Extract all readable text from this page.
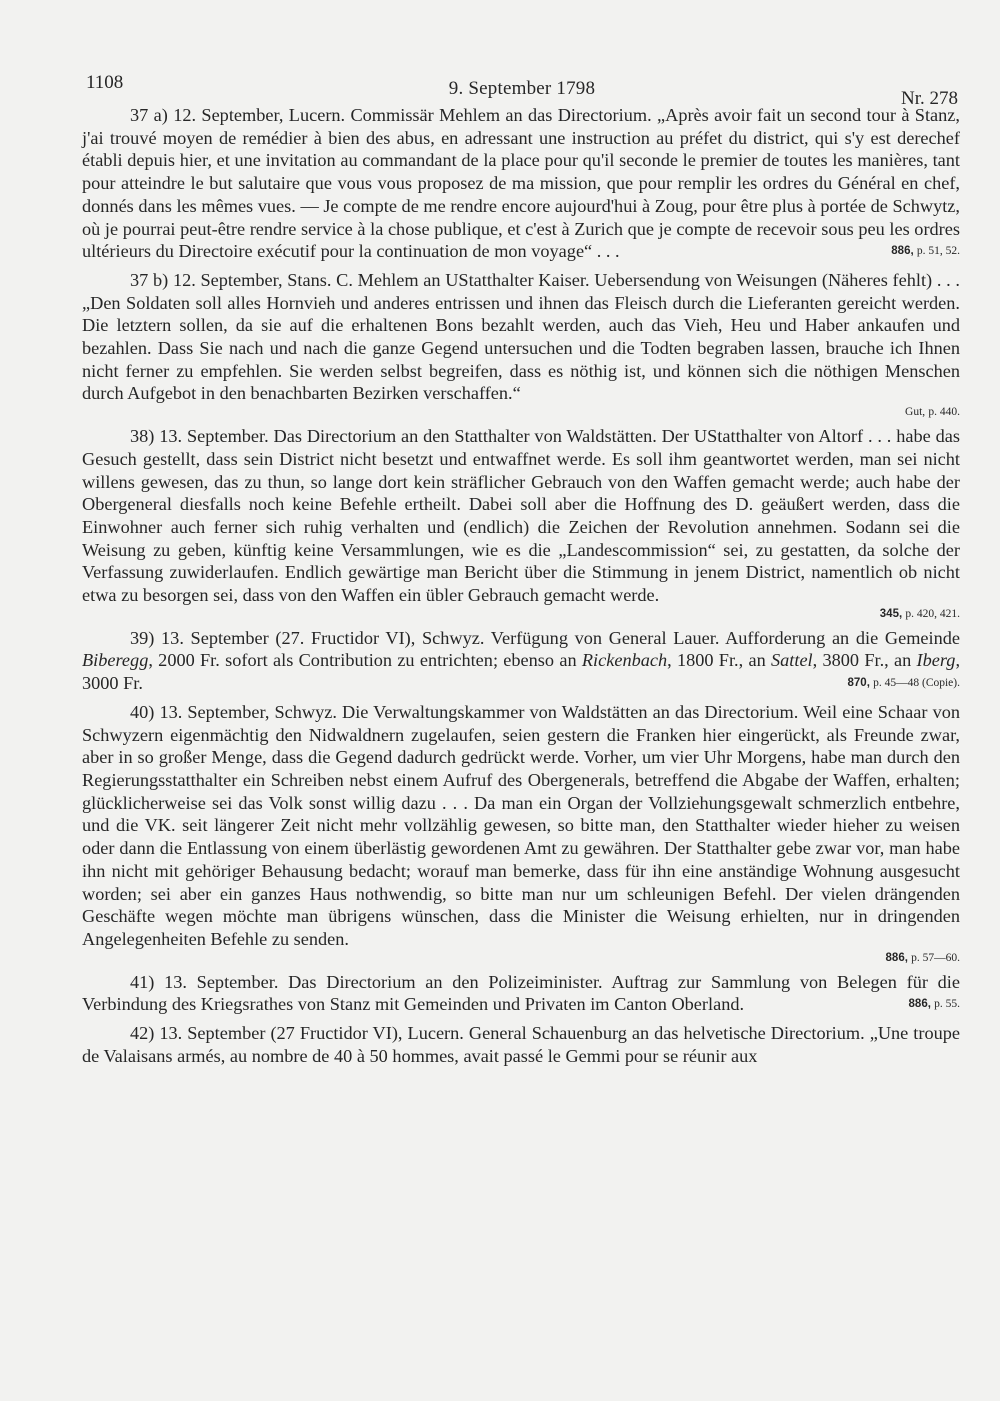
1108	9. September 1798	Nr. 278

37 a) 12. September, Lucern. Commissär Mehlem an das Directorium. „Après avoir fait un second tour à Stanz, j'ai trouvé moyen de remédier à bien des abus, en adressant une instruction au préfet du district, qui s'y est derechef établi depuis hier, et une invitation au commandant de la place pour qu'il seconde le premier de toutes les manières, tant pour atteindre le but salutaire que vous vous proposez de ma mission, que pour remplir les ordres du Général en chef, donnés dans les mêmes vues. — Je compte de me rendre encore aujourd'hui à Zoug, pour être plus à portée de Schwytz, où je pourrai peut-être rendre service à la chose publique, et c'est à Zurich que je compte de recevoir sous peu les ordres ultérieurs du Directoire exécutif pour la continuation de mon voyage“ . . .	886, p. 51, 52.

37 b) 12. September, Stans. C. Mehlem an UStatthalter Kaiser. Uebersendung von Weisungen (Näheres fehlt) . . . „Den Soldaten soll alles Hornvieh und anderes entrissen und ihnen das Fleisch durch die Lieferanten gereicht werden. Die letztern sollen, da sie auf die erhaltenen Bons bezahlt werden, auch das Vieh, Heu und Haber ankaufen und bezahlen. Dass Sie nach und nach die ganze Gegend untersuchen und die Todten begraben lassen, brauche ich Ihnen nicht ferner zu empfehlen. Sie werden selbst begreifen, dass es nöthig ist, und können sich die nöthigen Menschen durch Aufgebot in den benachbarten Bezirken verschaffen.“
Gut, p. 440.

38) 13. September. Das Directorium an den Statthalter von Waldstätten. Der UStatthalter von Altorf . . . habe das Gesuch gestellt, dass sein District nicht besetzt und entwaffnet werde. Es soll ihm geantwortet werden, man sei nicht willens gewesen, das zu thun, so lange dort kein sträflicher Gebrauch von den Waffen gemacht werde; auch habe der Obergeneral diesfalls noch keine Befehle ertheilt. Dabei soll aber die Hoffnung des D. geäußert werden, dass die Einwohner auch ferner sich ruhig verhalten und (endlich) die Zeichen der Revolution annehmen. Sodann sei die Weisung zu geben, künftig keine Versammlungen, wie es die „Landescommission“ sei, zu gestatten, da solche der Verfassung zuwiderlaufen. Endlich gewärtige man Bericht über die Stimmung in jenem District, namentlich ob nicht etwa zu besorgen sei, dass von den Waffen ein übler Gebrauch gemacht werde.
345, p. 420, 421.

39) 13. September (27. Fructidor VI), Schwyz. Verfügung von General Lauer. Aufforderung an die Gemeinde Biberegg, 2000 Fr. sofort als Contribution zu entrichten; ebenso an Rickenbach, 1800 Fr., an Sattel, 3800 Fr., an Iberg, 3000 Fr.	870, p. 45—48 (Copie).

40) 13. September, Schwyz. Die Verwaltungskammer von Waldstätten an das Directorium. Weil eine Schaar von Schwyzern eigenmächtig den Nidwaldnern zugelaufen, seien gestern die Franken hier eingerückt, als Freunde zwar, aber in so großer Menge, dass die Gegend dadurch gedrückt werde. Vorher, um vier Uhr Morgens, habe man durch den Regierungsstatthalter ein Schreiben nebst einem Aufruf des Obergenerals, betreffend die Abgabe der Waffen, erhalten; glücklicherweise sei das Volk sonst willig dazu . . . Da man ein Organ der Vollziehungsgewalt schmerzlich entbehre, und die VK. seit längerer Zeit nicht mehr vollzählig gewesen, so bitte man, den Statthalter wieder hieher zu weisen oder dann die Entlassung von einem überlästig gewordenen Amt zu gewähren. Der Statthalter gebe zwar vor, man habe ihn nicht mit gehöriger Behausung bedacht; worauf man bemerke, dass für ihn eine anständige Wohnung ausgesucht worden; sei aber ein ganzes Haus nothwendig, so bitte man nur um schleunigen Befehl. Der vielen drängenden Geschäfte wegen möchte man übrigens wünschen, dass die Minister die Weisung erhielten, nur in dringenden Angelegenheiten Befehle zu senden.
886, p. 57—60.

41) 13. September. Das Directorium an den Polizeiminister. Auftrag zur Sammlung von Belegen für die Verbindung des Kriegsrathes von Stanz mit Gemeinden und Privaten im Canton Oberland.	886, p. 55.

42) 13. September (27 Fructidor VI), Lucern. General Schauenburg an das helvetische Directorium. „Une troupe de Valaisans armés, au nombre de 40 à 50 hommes, avait passé le Gemmi pour se réunir aux
